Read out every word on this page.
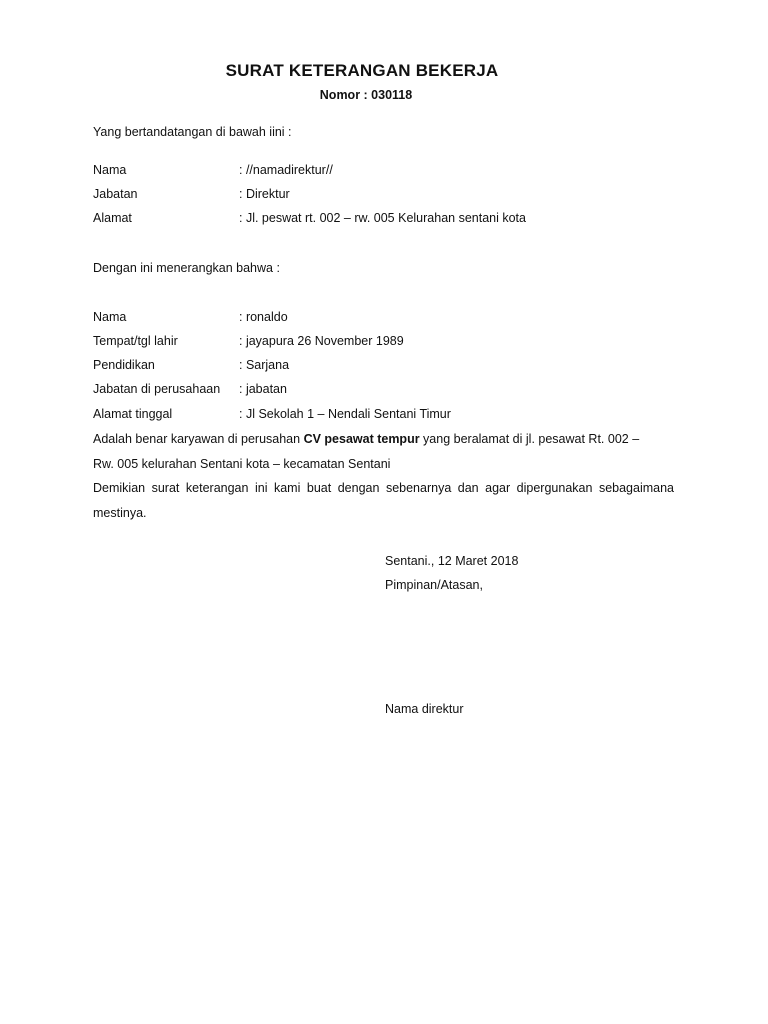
SURAT KETERANGAN BEKERJA
Nomor : 030118
Yang bertandatangan di bawah iini :
Nama	: //namadirektur//
Jabatan	: Direktur
Alamat	: Jl. peswat rt. 002 – rw. 005 Kelurahan sentani kota
Dengan ini menerangkan bahwa :
Nama	: ronaldo
Tempat/tgl lahir	: jayapura 26 November 1989
Pendidikan	: Sarjana
Jabatan di perusahaan : jabatan
Alamat tinggal	: Jl Sekolah 1 – Nendali Sentani Timur
Adalah benar karyawan di perusahan CV pesawat tempur yang beralamat di jl. pesawat Rt. 002 –
Rw. 005 kelurahan Sentani kota – kecamatan Sentani
Demikian surat keterangan ini kami buat dengan sebenarnya dan agar dipergunakan sebagaimana
mestinya.
Sentani., 12 Maret 2018
Pimpinan/Atasan,
Nama direktur
